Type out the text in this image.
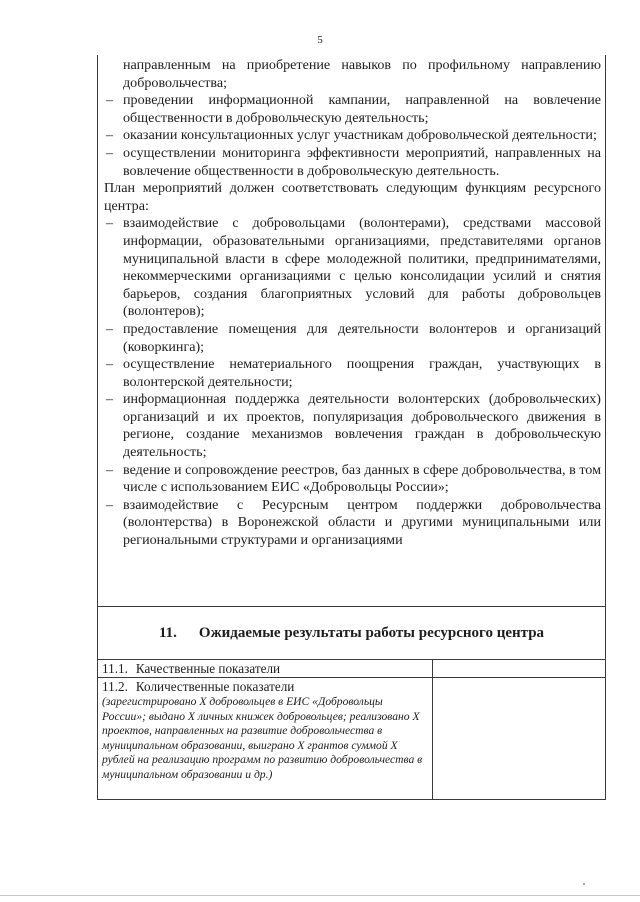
5
направленным на приобретение навыков по профильному направлению добровольчества;
– проведении информационной кампании, направленной на вовлечение общественности в добровольческую деятельность;
– оказании консультационных услуг участникам добровольческой деятельности;
– осуществлении мониторинга эффективности мероприятий, направленных на вовлечение общественности в добровольческую деятельность.
План мероприятий должен соответствовать следующим функциям ресурсного центра:
– взаимодействие с добровольцами (волонтерами), средствами массовой информации, образовательными организациями, представителями органов муниципальной власти в сфере молодежной политики, предпринимателями, некоммерческими организациями с целью консолидации усилий и снятия барьеров, создания благоприятных условий для работы добровольцев (волонтеров);
– предоставление помещения для деятельности волонтеров и организаций (коворкинга);
– осуществление нематериального поощрения граждан, участвующих в волонтерской деятельности;
– информационная поддержка деятельности волонтерских (добровольческих) организаций и их проектов, популяризация добровольческого движения в регионе, создание механизмов вовлечения граждан в добровольческую деятельность;
– ведение и сопровождение реестров, баз данных в сфере добровольчества, в том числе с использованием ЕИС «Добровольцы России»;
– взаимодействие с Ресурсным центром поддержки добровольчества (волонтерства) в Воронежской области и другими муниципальными или региональными структурами и организациями
11. Ожидаемые результаты работы ресурсного центра
11.1. Качественные показатели	
11.2. Количественные показатели
(зарегистрировано X добровольцев в ЕИС «Добровольцы России»; выдано X личных книжек добровольцев; реализовано X проектов, направленных на развитие добровольчества в муниципальном образовании, выиграно X грантов суммой X рублей на реализацию программ по развитию добровольчества в муниципальном образовании и др.)	
